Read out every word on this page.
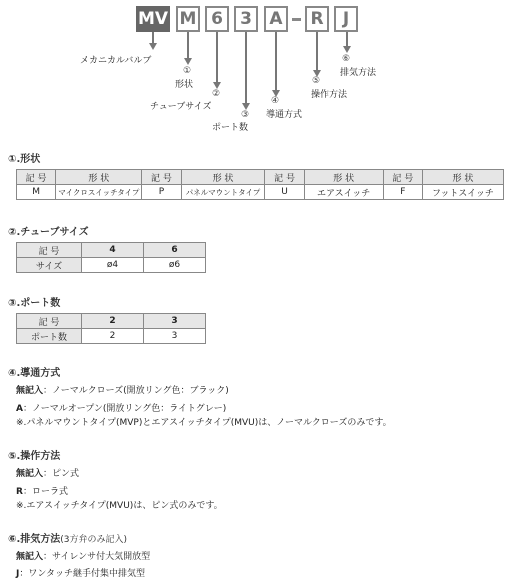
MV M 6	3	A	R	J
メカニカルバルブ
①
形状
②
チューブサイズ
③
ポート数
④
導通方式
⑤
操作方法
⑥
排気方法
①.形状
記 号	形 状	記 号	形 状	記 号	形 状	記 号	形 状
M	マイクロスイッチタイプ	P	パネルマウントタイプ	U	エアスイッチ	F	フットスイッチ
②.チューブサイズ
記 号	4	6
サイズ	ø4	ø6
③.ポート数
記 号	2	3
ポート数	2	3
④.導通方式
無記入：ノーマルクローズ(開放リング色：ブラック)
A：ノーマルオープン(開放リング色：ライトグレー)
※.パネルマウントタイプ(MVP)とエアスイッチタイプ(MVU)は、ノーマルクローズのみです。
⑤.操作方法
無記入：ピン式
R：ローラ式
※.エアスイッチタイプ(MVU)は、ピン式のみです。
⑥.排気方法(3方弁のみ記入)
無記入：サイレンサ付大気開放型
J：ワンタッチ継手付集中排気型
